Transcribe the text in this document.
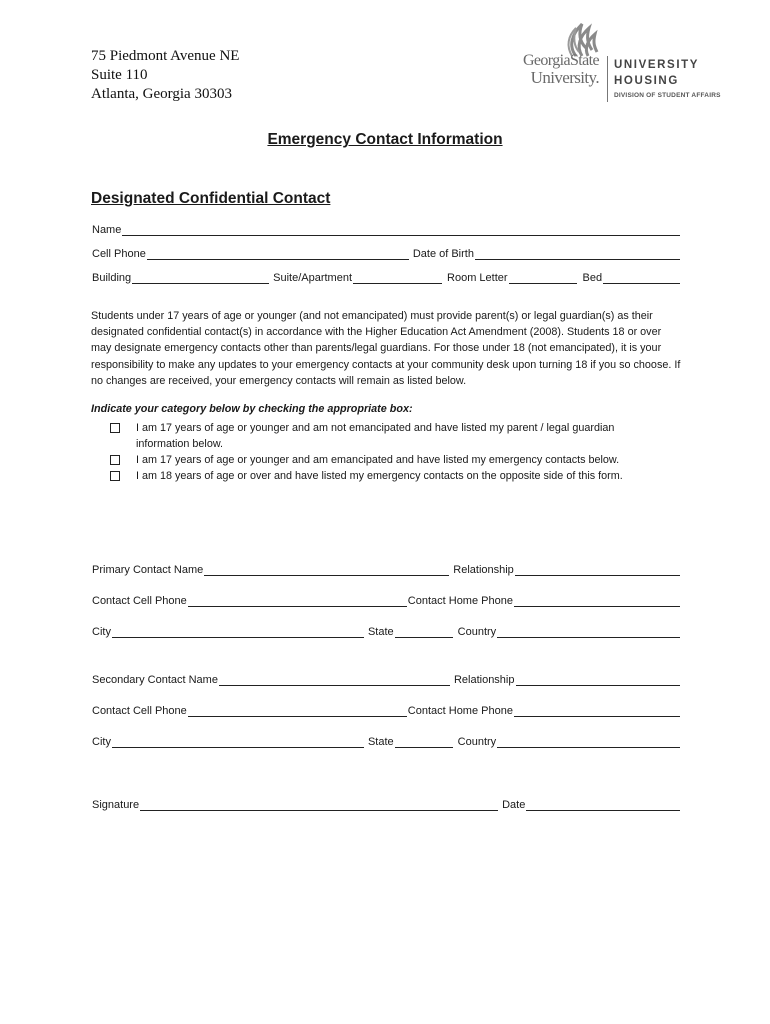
75 Piedmont Avenue NE
Suite 110
Atlanta, Georgia 30303
GeorgiaState
University.
UNIVERSITY
HOUSING
DIVISION OF STUDENT AFFAIRS
Emergency Contact Information
Designated Confidential Contact
Name
Cell Phone	Date of Birth
Building	Suite/Apartment	Room Letter	Bed

Students under 17 years of age or younger (and not emancipated) must provide parent(s) or legal guardian(s) as their designated confidential contact(s) in accordance with the Higher Education Act Amendment (2008). Students 18 or over may designate emergency contacts other than parents/legal guardians. For those under 18 (not emancipated), it is your responsibility to make any updates to your emergency contacts at your community desk upon turning 18 if you so choose. If no changes are received, your emergency contacts will remain as listed below.

Indicate your category below by checking the appropriate box:
I am 17 years of age or younger and am not emancipated and have listed my parent / legal guardian information below.
I am 17 years of age or younger and am emancipated and have listed my emergency contacts below.
I am 18 years of age or over and have listed my emergency contacts on the opposite side of this form.
Primary Contact Name	Relationship
Contact Cell Phone	Contact Home Phone
City	State	Country
Secondary Contact Name	Relationship
Contact Cell Phone	Contact Home Phone
City	State	Country
Signature	Date
